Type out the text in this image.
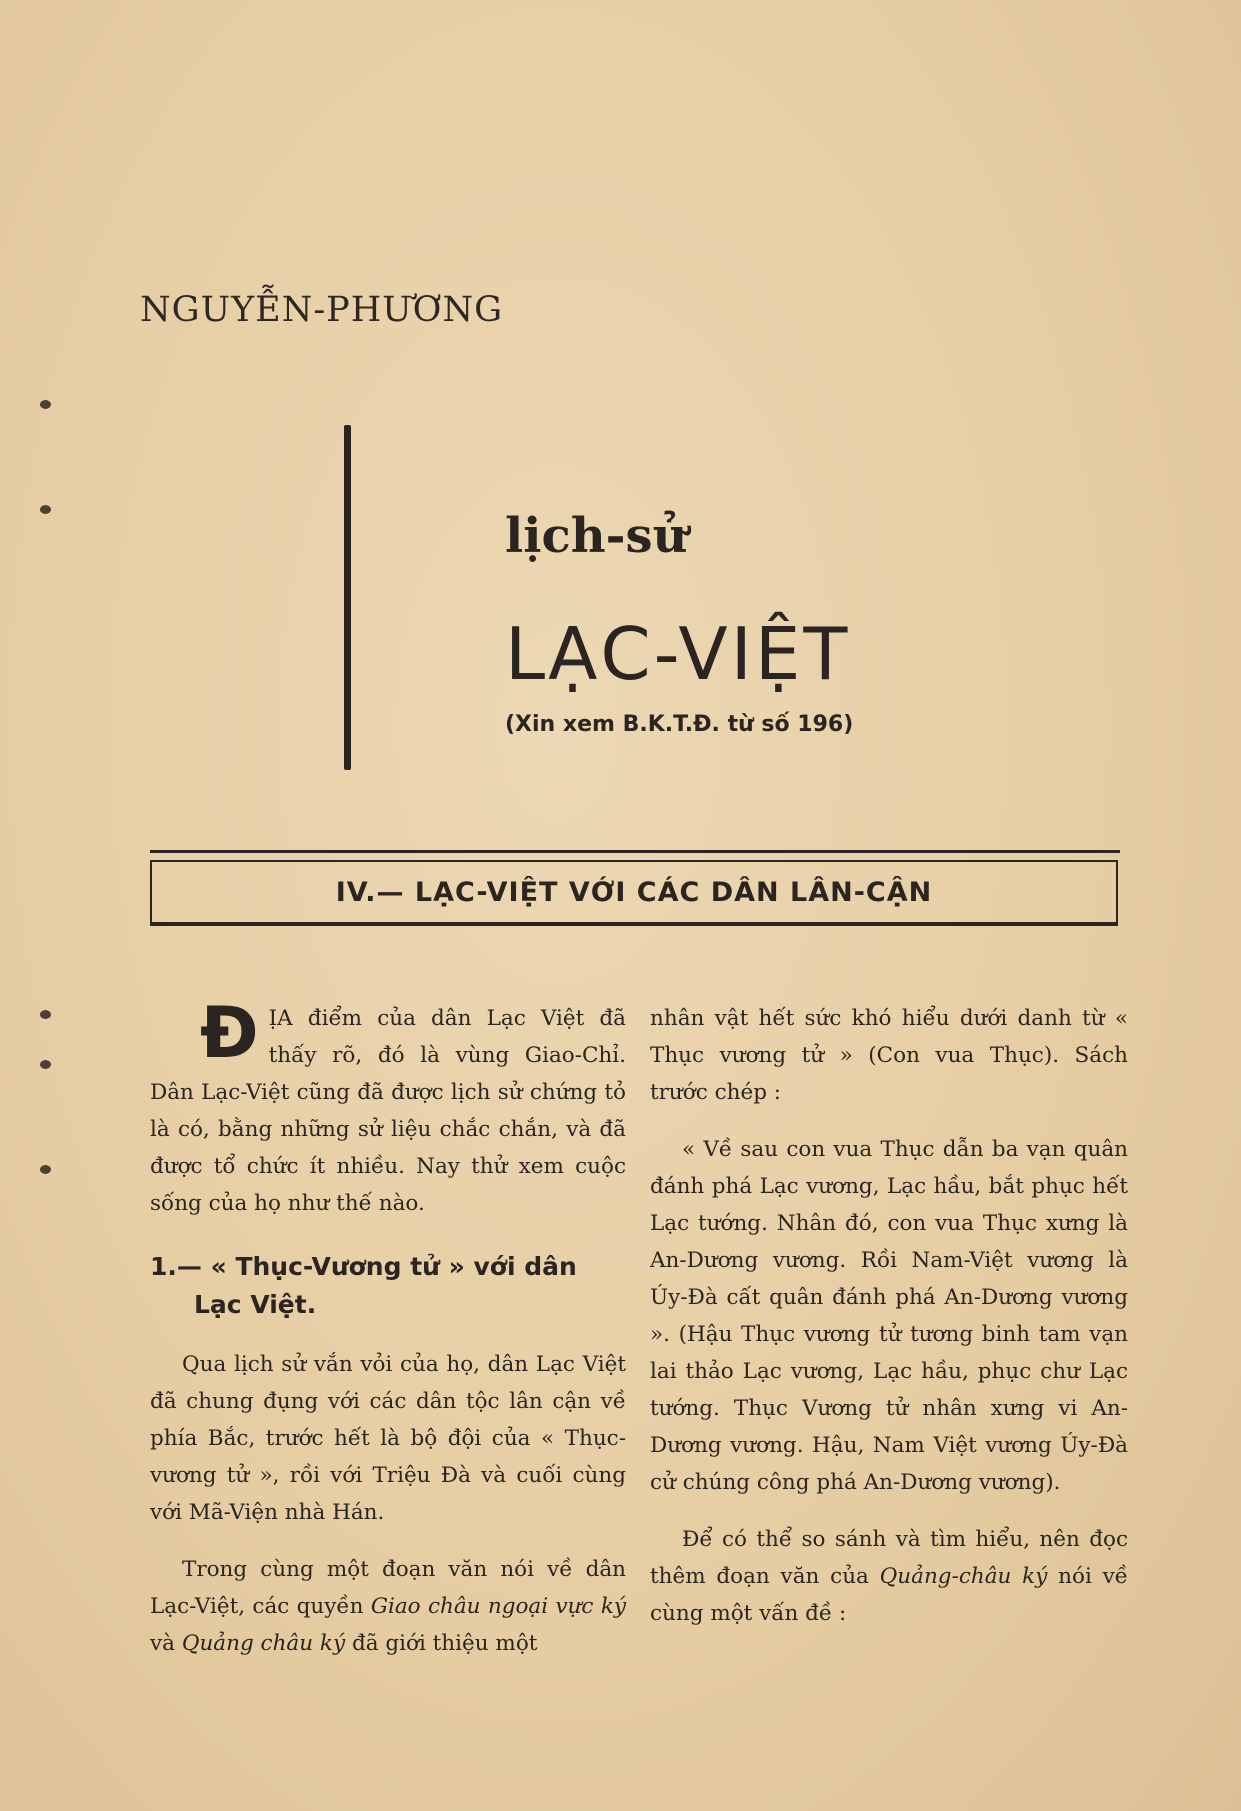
NGUYỄN-PHƯƠNG
lịch-sử
LẠC-VIỆT
(Xin xem B.K.T.Đ. từ số 196)
IV.— LẠC-VIỆT VỚI CÁC DÂN LÂN-CẬN

ĐỊA điểm của dân Lạc Việt đã thấy rõ, đó là vùng Giao-Chỉ. Dân Lạc-Việt cũng đã được lịch sử chứng tỏ là có, bằng những sử liệu chắc chắn, và đã được tổ chức ít nhiều. Nay thử xem cuộc sống của họ như thế nào.

1.— « Thục-Vương tử » với dân
Lạc Việt.

Qua lịch sử vắn vỏi của họ, dân Lạc Việt đã chung đụng với các dân tộc lân cận về phía Bắc, trước hết là bộ đội của « Thục-vương tử », rồi với Triệu Đà và cuối cùng với Mã-Viện nhà Hán.

Trong cùng một đoạn văn nói về dân Lạc-Việt, các quyền Giao châu ngoại vực ký và Quảng châu ký đã giới thiệu một

nhân vật hết sức khó hiểu dưới danh từ « Thục vương tử » (Con vua Thục). Sách trước chép :

« Về sau con vua Thục dẫn ba vạn quân đánh phá Lạc vương, Lạc hầu, bắt phục hết Lạc tướng. Nhân đó, con vua Thục xưng là An-Dương vương. Rồi Nam-Việt vương là Úy-Đà cất quân đánh phá An-Dương vương ». (Hậu Thục vương tử tương binh tam vạn lai thảo Lạc vương, Lạc hầu, phục chư Lạc tướng. Thục Vương tử nhân xưng vi An-Dương vương. Hậu, Nam Việt vương Úy-Đà cử chúng công phá An-Dương vương).

Để có thể so sánh và tìm hiểu, nên đọc thêm đoạn văn của Quảng-châu ký nói về cùng một vấn đề :
